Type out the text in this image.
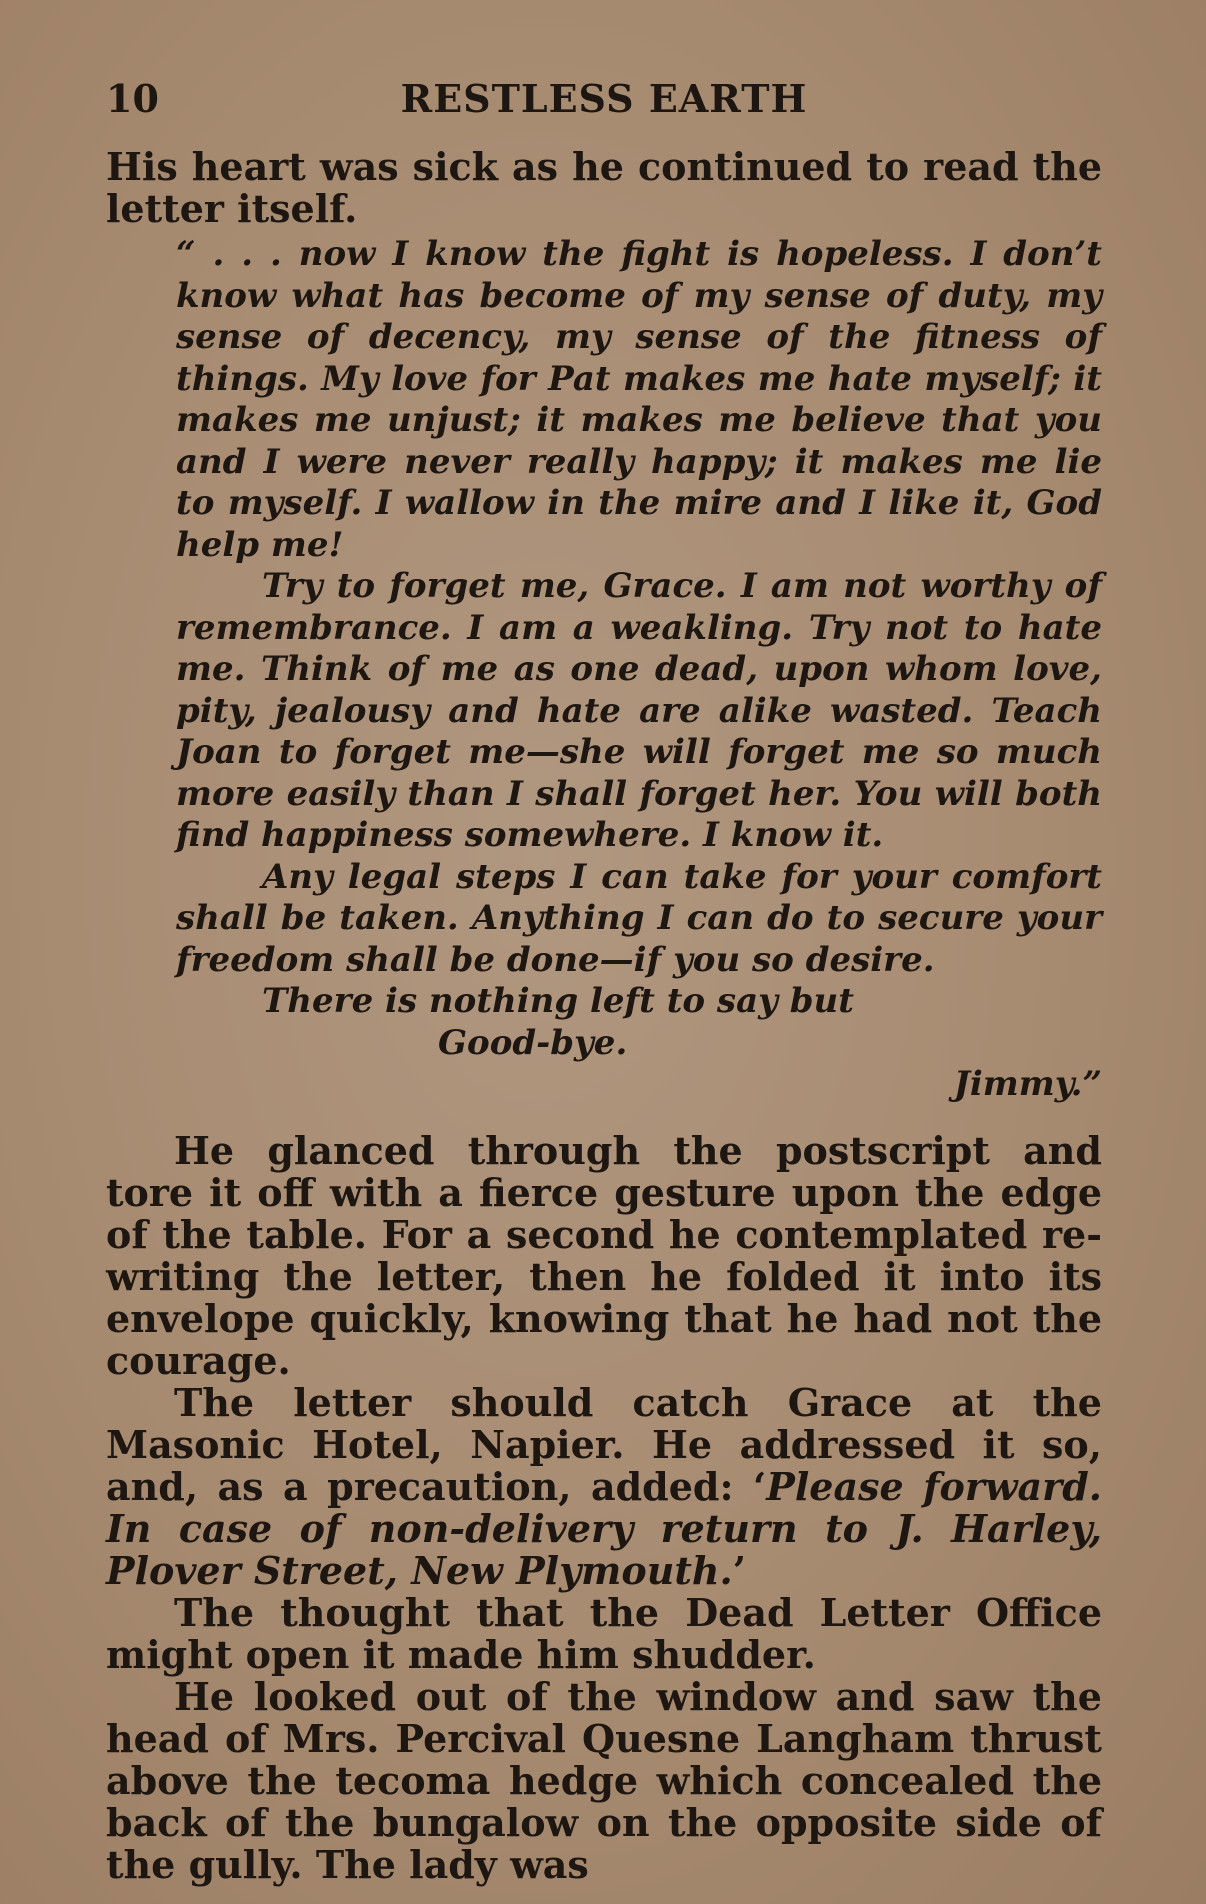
10	RESTLESS EARTH

His heart was sick as he continued to read the letter itself.

“ . . . now I know the fight is hopeless. I don’t know what has become of my sense of duty, my sense of decency, my sense of the fitness of things. My love for Pat makes me hate myself; it makes me unjust; it makes me believe that you and I were never really happy; it makes me lie to myself. I wallow in the mire and I like it, God help me!

Try to forget me, Grace. I am not worthy of remembrance. I am a weakling. Try not to hate me. Think of me as one dead, upon whom love, pity, jealousy and hate are alike wasted. Teach Joan to forget me—she will forget me so much more easily than I shall forget her. You will both find happiness somewhere. I know it.

Any legal steps I can take for your comfort shall be taken. Anything I can do to secure your freedom shall be done—if you so desire.

There is nothing left to say but

Good-bye.

Jimmy.”

He glanced through the postscript and tore it off with a fierce gesture upon the edge of the table. For a second he contemplated re-writing the letter, then he folded it into its envelope quickly, knowing that he had not the courage.

The letter should catch Grace at the Masonic Hotel, Napier. He addressed it so, and, as a precaution, added: ‘Please forward. In case of non-delivery return to J. Harley, Plover Street, New Plymouth.’

The thought that the Dead Letter Office might open it made him shudder.

He looked out of the window and saw the head of Mrs. Percival Quesne Langham thrust above the tecoma hedge which concealed the back of the bungalow on the opposite side of the gully. The lady was
